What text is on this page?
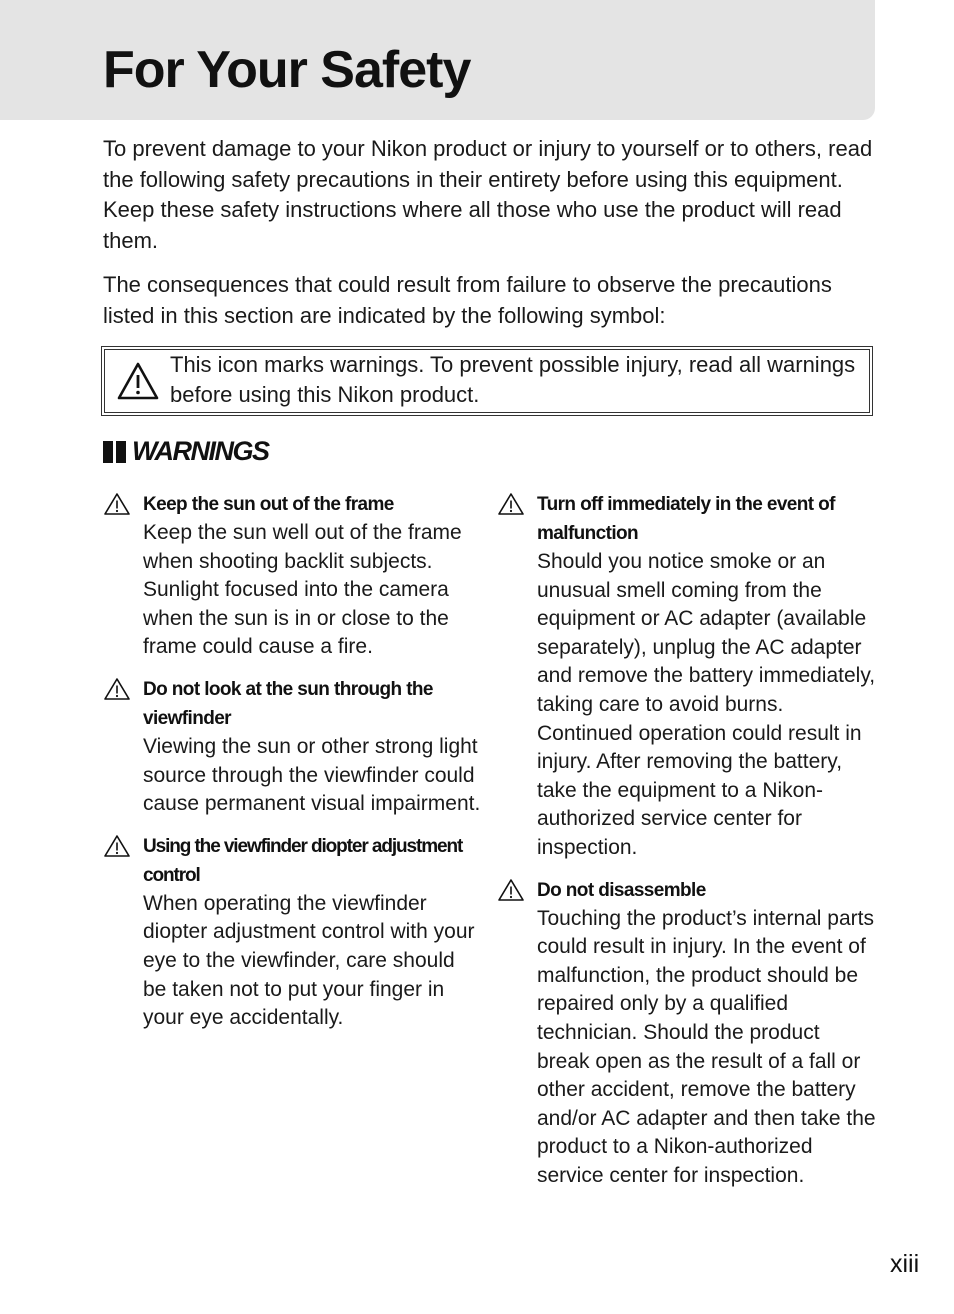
For Your Safety

To prevent damage to your Nikon product or injury to yourself or to others, read the following safety precautions in their entirety before using this equipment. Keep these safety instructions where all those who use the product will read them.

The consequences that could result from failure to observe the precautions listed in this section are indicated by the following symbol:

This icon marks warnings. To prevent possible injury, read all warnings before using this Nikon product.

WARNINGS

Keep the sun out of the frame

Keep the sun well out of the frame when shooting backlit subjects. Sunlight focused into the camera when the sun is in or close to the frame could cause a fire.

Do not look at the sun through the viewfinder

Viewing the sun or other strong light source through the viewfinder could cause permanent visual impairment.

Using the viewfinder diopter adjustment control

When operating the viewfinder diopter adjustment control with your eye to the viewfinder, care should be taken not to put your finger in your eye accidentally.

Turn off immediately in the event of malfunction

Should you notice smoke or an unusual smell coming from the equipment or AC adapter (available separately), unplug the AC adapter and remove the battery immediately, taking care to avoid burns. Continued operation could result in injury. After removing the battery, take the equipment to a Nikon-authorized service center for inspection.

Do not disassemble

Touching the product’s internal parts could result in injury. In the event of malfunction, the product should be repaired only by a qualified technician. Should the product break open as the result of a fall or other accident, remove the battery and/or AC adapter and then take the product to a Nikon-authorized service center for inspection.

xiii
